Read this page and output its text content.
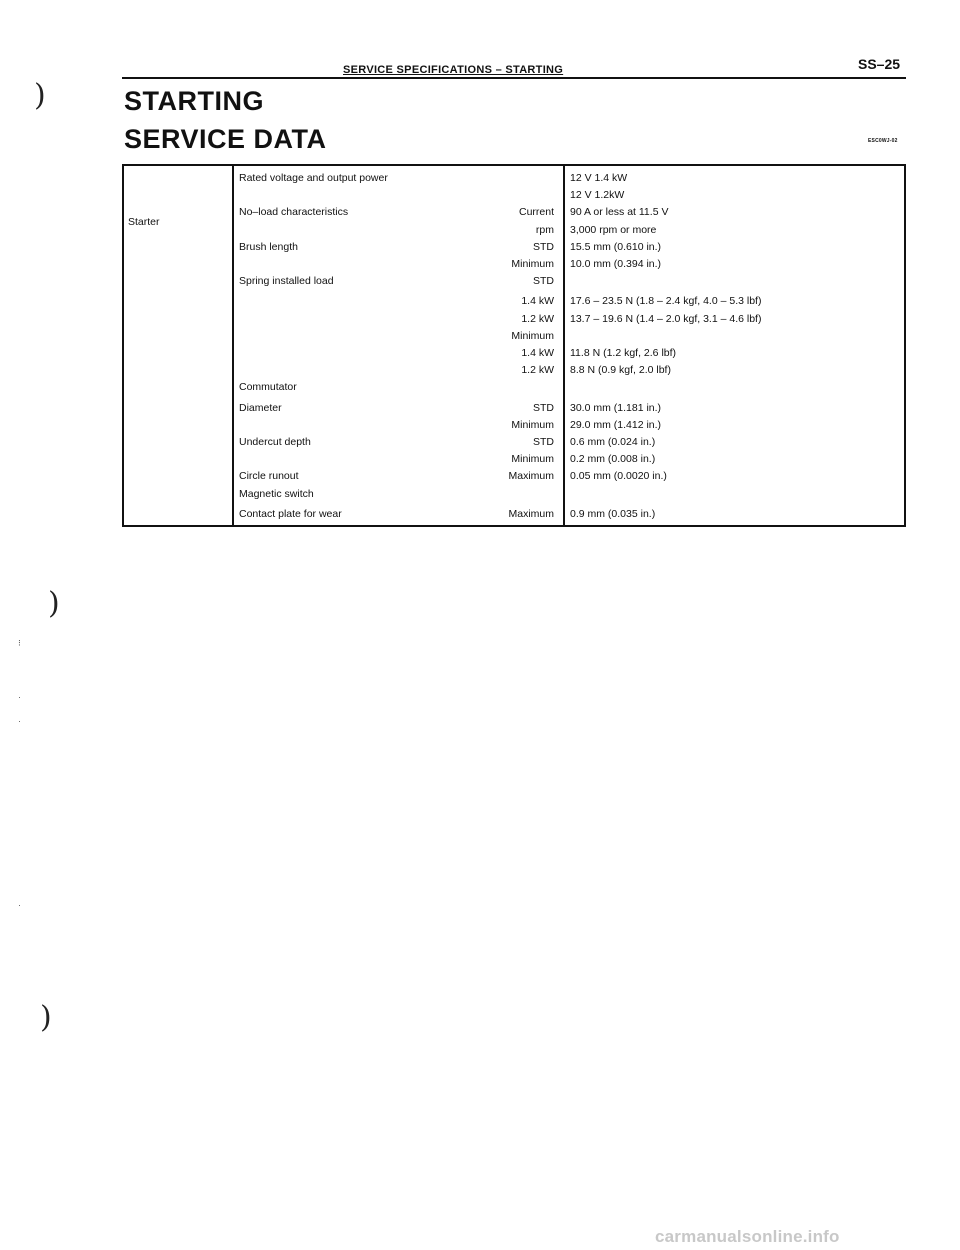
SERVICE SPECIFICATIONS – STARTING	SS–25
STARTING
SERVICE DATA	ESC0WJ-02
Starter
Rated voltage and output power	12 V 1.4 kW
12 V 1.2kW
No–load characteristics	Current 90 A or less at 11.5 V
rpm 3,000 rpm or more
Brush length	STD 15.5 mm (0.610 in.)
Minimum 10.0 mm (0.394 in.)
Spring installed load	STD
1.4 kW 17.6 – 23.5 N (1.8 – 2.4 kgf, 4.0 – 5.3 lbf)
1.2 kW 13.7 – 19.6 N (1.4 – 2.0 kgf, 3.1 – 4.6 lbf)
Minimum
1.4 kW 11.8 N (1.2 kgf, 2.6 lbf)
1.2 kW 8.8 N (0.9 kgf, 2.0 lbf)
Commutator
Diameter	STD 30.0 mm (1.181 in.)
Minimum 29.0 mm (1.412 in.)
Undercut depth	STD 0.6 mm (0.024 in.)
Minimum 0.2 mm (0.008 in.)
Circle runout	Maximum 0.05 mm (0.0020 in.)
Magnetic switch
Contact plate for wear	Maximum 0.9 mm (0.035 in.)
)
)
)
⁝
·
·
·
carmanualsonline.info
